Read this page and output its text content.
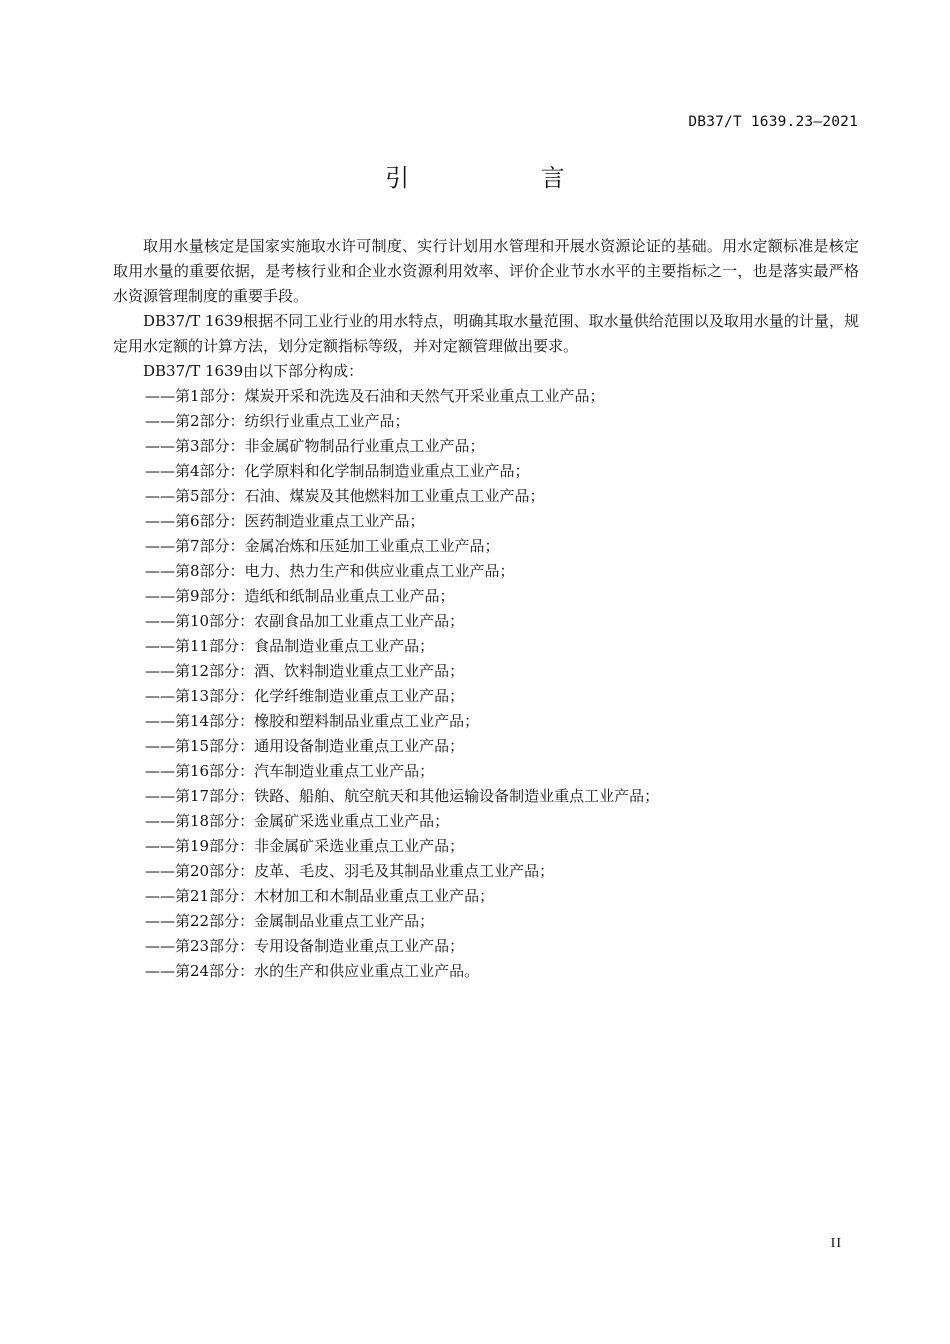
DB37/T 1639.23—2021
引 言

取用水量核定是国家实施取水许可制度、实行计划用水管理和开展水资源论证的基础。用水定额标准是核定取用水量的重要依据，是考核行业和企业水资源利用效率、评价企业节水水平的主要指标之一，也是落实最严格水资源管理制度的重要手段。

DB37/T 1639根据不同工业行业的用水特点，明确其取水量范围、取水量供给范围以及取用水量的计量，规定用水定额的计算方法，划分定额指标等级，并对定额管理做出要求。

DB37/T 1639由以下部分构成：

——第1部分：煤炭开采和洗选及石油和天然气开采业重点工业产品；
——第2部分：纺织行业重点工业产品；
——第3部分：非金属矿物制品行业重点工业产品；
——第4部分：化学原料和化学制品制造业重点工业产品；
——第5部分：石油、煤炭及其他燃料加工业重点工业产品；
——第6部分：医药制造业重点工业产品；
——第7部分：金属冶炼和压延加工业重点工业产品；
——第8部分：电力、热力生产和供应业重点工业产品；
——第9部分：造纸和纸制品业重点工业产品；
——第10部分：农副食品加工业重点工业产品；
——第11部分：食品制造业重点工业产品；
——第12部分：酒、饮料制造业重点工业产品；
——第13部分：化学纤维制造业重点工业产品；
——第14部分：橡胶和塑料制品业重点工业产品；
——第15部分：通用设备制造业重点工业产品；
——第16部分：汽车制造业重点工业产品；
——第17部分：铁路、船舶、航空航天和其他运输设备制造业重点工业产品；
——第18部分：金属矿采选业重点工业产品；
——第19部分：非金属矿采选业重点工业产品；
——第20部分：皮革、毛皮、羽毛及其制品业重点工业产品；
——第21部分：木材加工和木制品业重点工业产品；
——第22部分：金属制品业重点工业产品；
——第23部分：专用设备制造业重点工业产品；
——第24部分：水的生产和供应业重点工业产品。
II
